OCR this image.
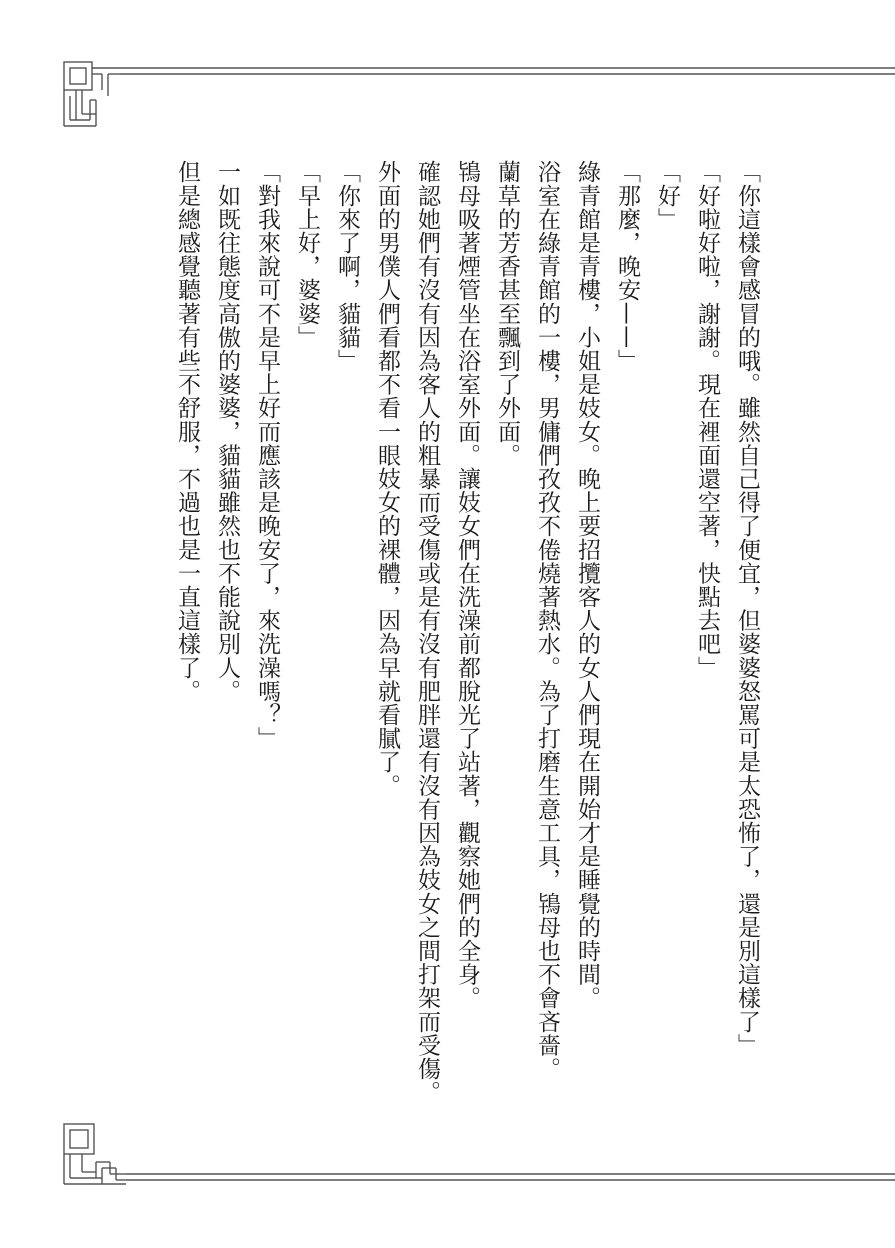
「你這樣會感冒的哦。雖然自己得了便宜，但婆婆怒罵可是太恐怖了，還是別這樣了」

「好啦好啦，謝謝。現在裡面還空著，快點去吧」

「好」

「那麼，晚安——」

綠青館是青樓，小姐是妓女。晚上要招攬客人的女人們現在開始才是睡覺的時間。

浴室在綠青館的一樓，男傭們孜孜不倦燒著熱水。為了打磨生意工具，鴇母也不會吝嗇。

蘭草的芳香甚至飄到了外面。

鴇母吸著煙管坐在浴室外面。讓妓女們在洗澡前都脫光了站著，觀察她們的全身。

確認她們有沒有因為客人的粗暴而受傷或是有沒有肥胖還有沒有因為妓女之間打架而受傷。

外面的男僕人們看都不看一眼妓女的裸體，因為早就看膩了。

「你來了啊，貓貓」

「早上好，婆婆」

「對我來說可不是早上好而應該是晚安了，來洗澡嗎？」

一如既往態度高傲的婆婆，貓貓雖然也不能說別人。

但是總感覺聽著有些不舒服，不過也是一直這樣了。
